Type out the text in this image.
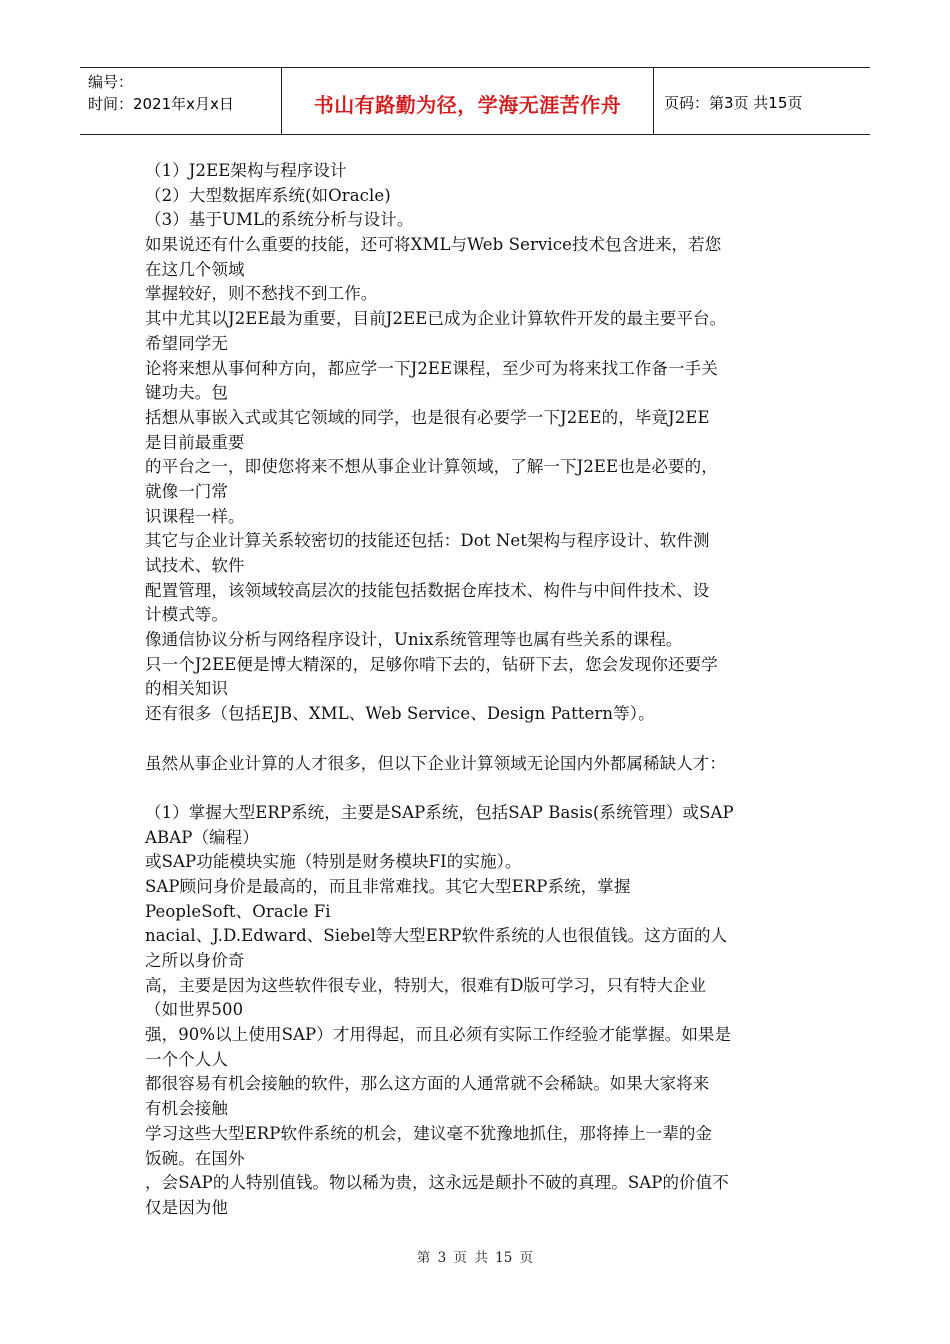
编号：
时间：2021年x月x日	书山有路勤为径，学海无涯苦作舟	页码：第3页 共15页
（1）J2EE架构与程序设计
（2）大型数据库系统(如Oracle)
（3）基于UML的系统分析与设计。
如果说还有什么重要的技能，还可将XML与Web Service技术包含进来，若您
在这几个领域
掌握较好，则不愁找不到工作。
其中尤其以J2EE最为重要，目前J2EE已成为企业计算软件开发的最主要平台。
希望同学无
论将来想从事何种方向，都应学一下J2EE课程，至少可为将来找工作备一手关
键功夫。包
括想从事嵌入式或其它领域的同学，也是很有必要学一下J2EE的，毕竟J2EE
是目前最重要
的平台之一，即使您将来不想从事企业计算领域，了解一下J2EE也是必要的，
就像一门常
识课程一样。
其它与企业计算关系较密切的技能还包括：Dot Net架构与程序设计、软件测
试技术、软件
配置管理，该领域较高层次的技能包括数据仓库技术、构件与中间件技术、设
计模式等。
像通信协议分析与网络程序设计，Unix系统管理等也属有些关系的课程。
只一个J2EE便是博大精深的，足够你啃下去的，钻研下去，您会发现你还要学
的相关知识
还有很多（包括EJB、XML、Web Service、Design Pattern等）。
虽然从事企业计算的人才很多，但以下企业计算领域无论国内外都属稀缺人才：
（1）掌握大型ERP系统，主要是SAP系统，包括SAP Basis(系统管理）或SAP
ABAP（编程）
或SAP功能模块实施（特别是财务模块FI的实施）。
SAP顾问身价是最高的，而且非常难找。其它大型ERP系统，掌握
PeopleSoft、Oracle Fi
nacial、J.D.Edward、Siebel等大型ERP软件系统的人也很值钱。这方面的人
之所以身价奇
高，主要是因为这些软件很专业，特别大，很难有D版可学习，只有特大企业
（如世界500
强，90%以上使用SAP）才用得起，而且必须有实际工作经验才能掌握。如果是
一个个人人
都很容易有机会接触的软件，那么这方面的人通常就不会稀缺。如果大家将来
有机会接触
学习这些大型ERP软件系统的机会，建议毫不犹豫地抓住，那将捧上一辈的金
饭碗。在国外
，会SAP的人特别值钱。物以稀为贵，这永远是颠扑不破的真理。SAP的价值不
仅是因为他
第 3 页 共 15 页
